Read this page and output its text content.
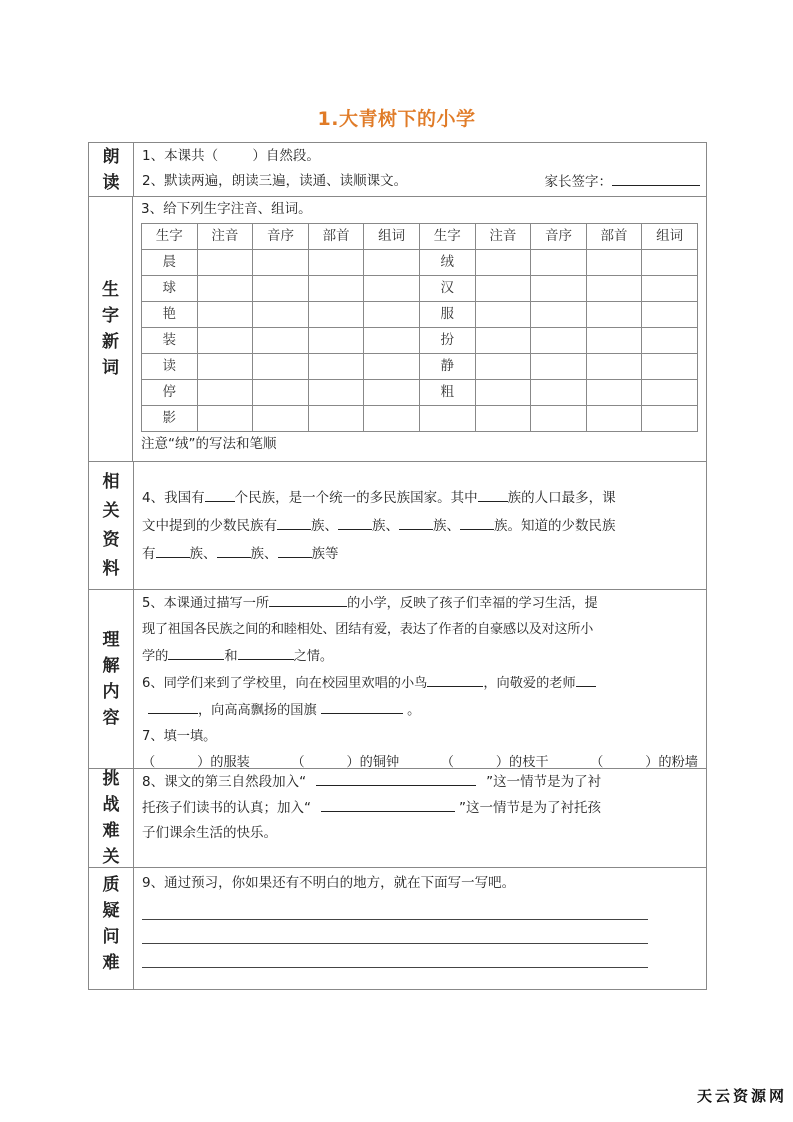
1.大青树下的小学
朗
读
1、本课共（        ）自然段。
2、默读两遍，朗读三遍，读通、读顺课文。	家长签字：
生
字
新
词
3、给下列生字注音、组词。
生字	注音	音序	部首	组词	生字	注音	音序	部首	组词
晨					绒				
球					汉				
艳					服				
装					扮				
读					静				
停					粗				
影									
注意“绒”的写法和笔顺
相
关
资
料
4、我国有 个民族，是一个统一的多民族国家。其中 族的人口最多，课
文中提到的少数民族有	族、	族、	族、	族。知道的少数民族
有	族、	族、	族等
理
解
内
容
5、本课通过描写一所	的小学，反映了孩子们幸福的学习生活，提
现了祖国各民族之间的和睦相处、团结有爱，表达了作者的自豪感以及对这所小
学的	和	之情。
6、同学们来到了学校里，向在校园里欢唱的小鸟	，向敬爱的老师
，向高高飘扬的国旗	。
7、填一填。
（          ）的服装	（          ）的铜钟	（          ）的枝干	（          ）的粉墙
挑
战
难
关
8、课文的第三自然段加入“	”这一情节是为了衬
托孩子们读书的认真；加入“	”这一情节是为了衬托孩
子们课余生活的快乐。
质
疑
问
难
9、通过预习，你如果还有不明白的地方，就在下面写一写吧。
天云资源网
